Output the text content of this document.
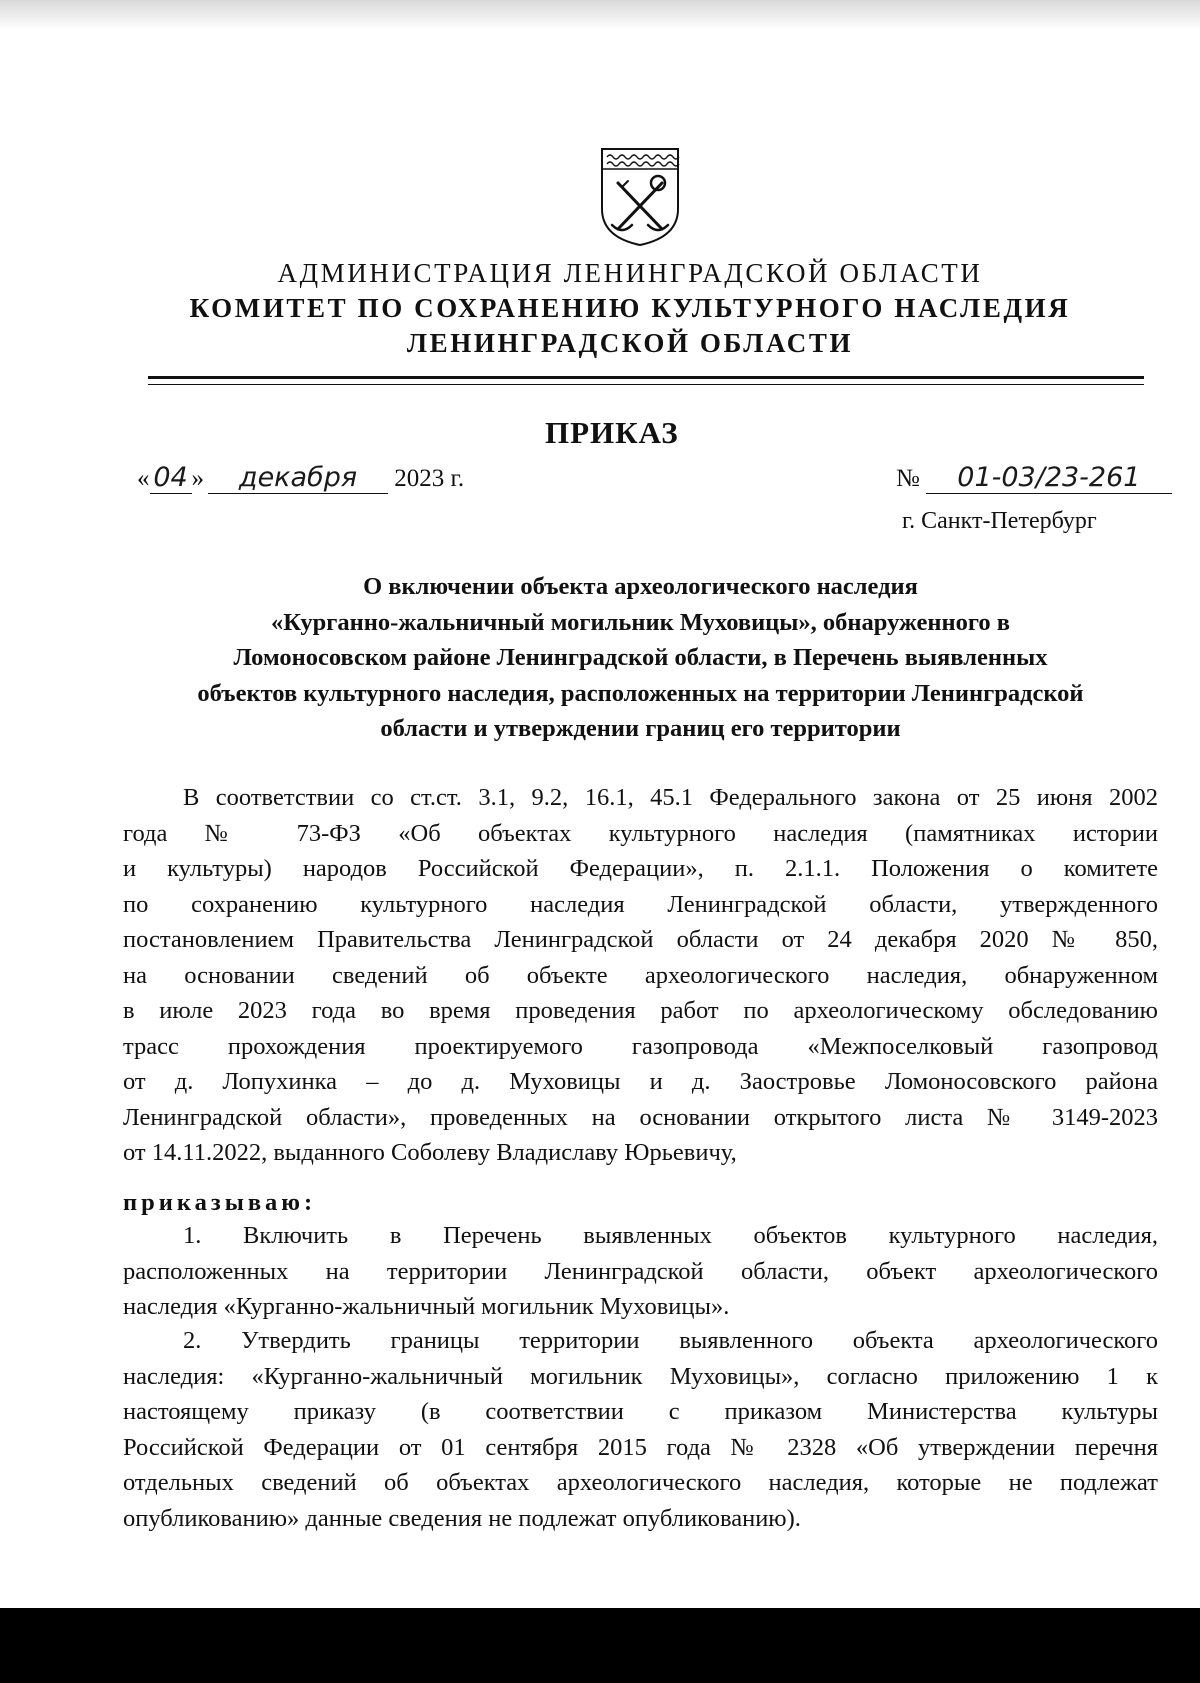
АДМИНИСТРАЦИЯ ЛЕНИНГРАДСКОЙ ОБЛАСТИ
КОМИТЕТ ПО СОХРАНЕНИЮ КУЛЬТУРНОГО НАСЛЕДИЯ
ЛЕНИНГРАДСКОЙ ОБЛАСТИ
ПРИКАЗ
« 04 » декабря 2023 г.	№ 01-03/23-261
г. Санкт-Петербург
О включении объекта археологического наследия
«Курганно-жальничный могильник Муховицы», обнаруженного в
Ломоносовском районе Ленинградской области, в Перечень выявленных
объектов культурного наследия, расположенных на территории Ленинградской
области и утверждении границ его территории
В соответствии со ст.ст. 3.1, 9.2, 16.1, 45.1 Федерального закона от 25 июня 2002
года № 73-ФЗ «Об объектах культурного наследия (памятниках истории
и культуры) народов Российской Федерации», п. 2.1.1. Положения о комитете
по сохранению культурного наследия Ленинградской области, утвержденного
постановлением Правительства Ленинградской области от 24 декабря 2020 № 850,
на основании сведений об объекте археологического наследия, обнаруженном
в июле 2023 года во время проведения работ по археологическому обследованию
трасс прохождения проектируемого газопровода «Межпоселковый газопровод
от д. Лопухинка – до д. Муховицы и д. Заостровье Ломоносовского района
Ленинградской области», проведенных на основании открытого листа № 3149-2023
от 14.11.2022, выданного Соболеву Владиславу Юрьевичу,
приказываю:
1. Включить в Перечень выявленных объектов культурного наследия,
расположенных на территории Ленинградской области, объект археологического
наследия «Курганно-жальничный могильник Муховицы».
2. Утвердить границы территории выявленного объекта археологического
наследия: «Курганно-жальничный могильник Муховицы», согласно приложению 1 к
настоящему приказу (в соответствии с приказом Министерства культуры
Российской Федерации от 01 сентября 2015 года № 2328 «Об утверждении перечня
отдельных сведений об объектах археологического наследия, которые не подлежат
опубликованию» данные сведения не подлежат опубликованию).
